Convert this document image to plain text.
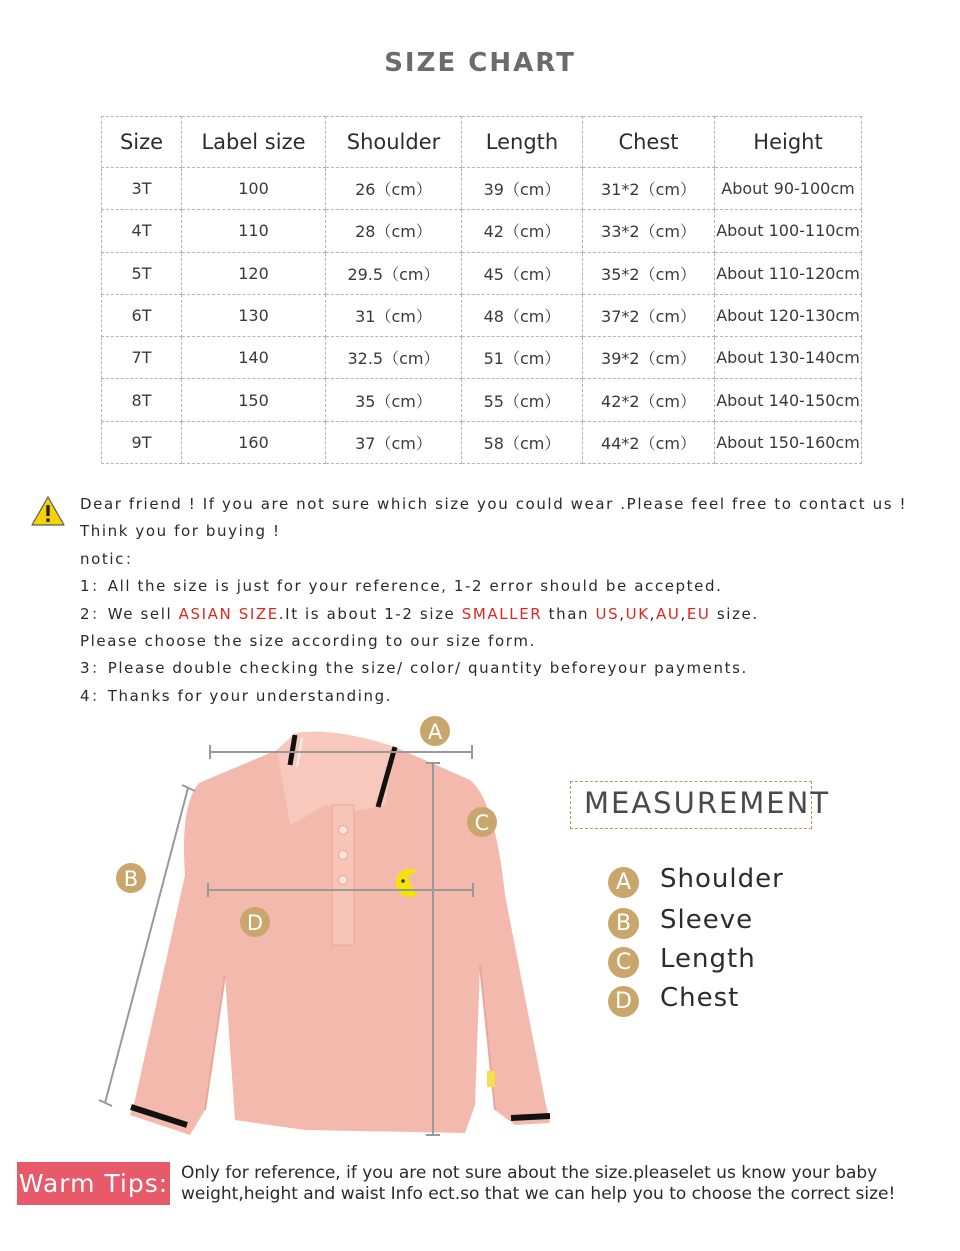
SIZE CHART
Size	Label size	Shoulder	Length	Chest	Height
3T	100	26（cm）	39（cm）	31*2（cm）	About 90-100cm
4T	110	28（cm）	42（cm）	33*2（cm）	About 100-110cm
5T	120	29.5（cm）	45（cm）	35*2（cm）	About 110-120cm
6T	130	31（cm）	48（cm）	37*2（cm）	About 120-130cm
7T	140	32.5（cm）	51（cm）	39*2（cm）	About 130-140cm
8T	150	35（cm）	55（cm）	42*2（cm）	About 140-150cm
9T	160	37（cm）	58（cm）	44*2（cm）	About 150-160cm
Dear friend ! If you are not sure which size you could wear .Please feel free to contact us !
Think you for buying !
notic：
1：All the size is just for your reference, 1-2 error should be accepted.
2：We sell ASIAN SIZE.It is about 1-2 size SMALLER than US,UK,AU,EU size.
Please choose the size according to our size form.
3：Please double checking the size/ color/ quantity beforeyour payments.
4：Thanks for your understanding.
A
B
C
D
MEASUREMENT
A	Shoulder
B	Sleeve
C	Length
D Chest
Warm Tips: Only for reference, if you are not sure about the size.pleaselet us know your baby
weight,height and waist Info ect.so that we can help you to choose the correct size!
